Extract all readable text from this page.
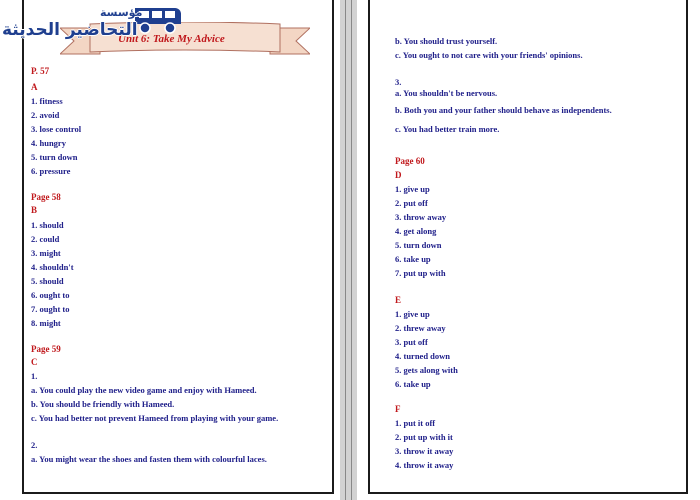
Unit 6: Take My Advice
مؤسسة
التحاضير الحديثة
P. 57
A
1. fitness
2. avoid
3. lose control
4. hungry
5. turn down
6. pressure
Page 58
B
1. should
2. could
3. might
4. shouldn't
5. should
6. ought to
7. ought to
8. might
Page 59
C
1.
a. You could play the new video game and enjoy with Hameed.
b. You should be friendly with Hameed.
c. You had better not prevent Hameed from playing with your game.
2.
a. You might wear the shoes and fasten them with colourful laces.
b. You should trust yourself.
c. You ought to not care with your friends' opinions.
3.
a. You shouldn't be nervous.
b. Both you and your father should behave as independents.
c. You had better train more.
Page 60
D
1. give up
2. put off
3. throw away
4. get along
5. turn down
6. take up
7. put up with
E
1. give up
2. threw away
3. put off
4. turned down
5. gets along with
6. take up
F
1. put it off
2. put up with it
3. throw it away
4. throw it away
